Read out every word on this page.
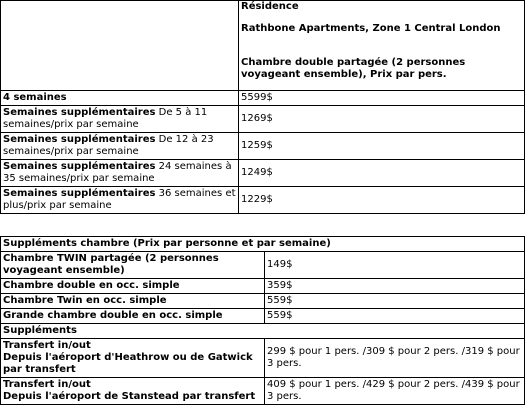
	Résidence
Rathbone Apartments, Zone 1 Central London
Chambre double partagée (2 personnes voyageant ensemble), Prix par pers.

4 semaines	5599$
Semaines supplémentaires De 5 à 11 semaines/prix par semaine	1269$
Semaines supplémentaires De 12 à 23 semaines/prix par semaine	1259$
Semaines supplémentaires 24 semaines à 35 semaines/prix par semaine	1249$
Semaines supplémentaires 36 semaines et plus/prix par semaine	1229$
Suppléments chambre (Prix par personne et par semaine)	
Chambre TWIN partagée (2 personnes voyageant ensemble)	149$
Chambre double en occ. simple	359$
Chambre Twin en occ. simple	559$
Grande chambre double en occ. simple	559$
Suppléments	

Transfert in/out
Depuis l'aéroport d'Heathrow ou de Gatwick par transfert	299 $ pour 1 pers. /309 $ pour 2 pers. /319 $ pour 3 pers.

Transfert in/out
Depuis l'aéroport de Stanstead par transfert	409 $ pour 1 pers. /429 $ pour 2 pers. /439 $ pour 3 pers.
